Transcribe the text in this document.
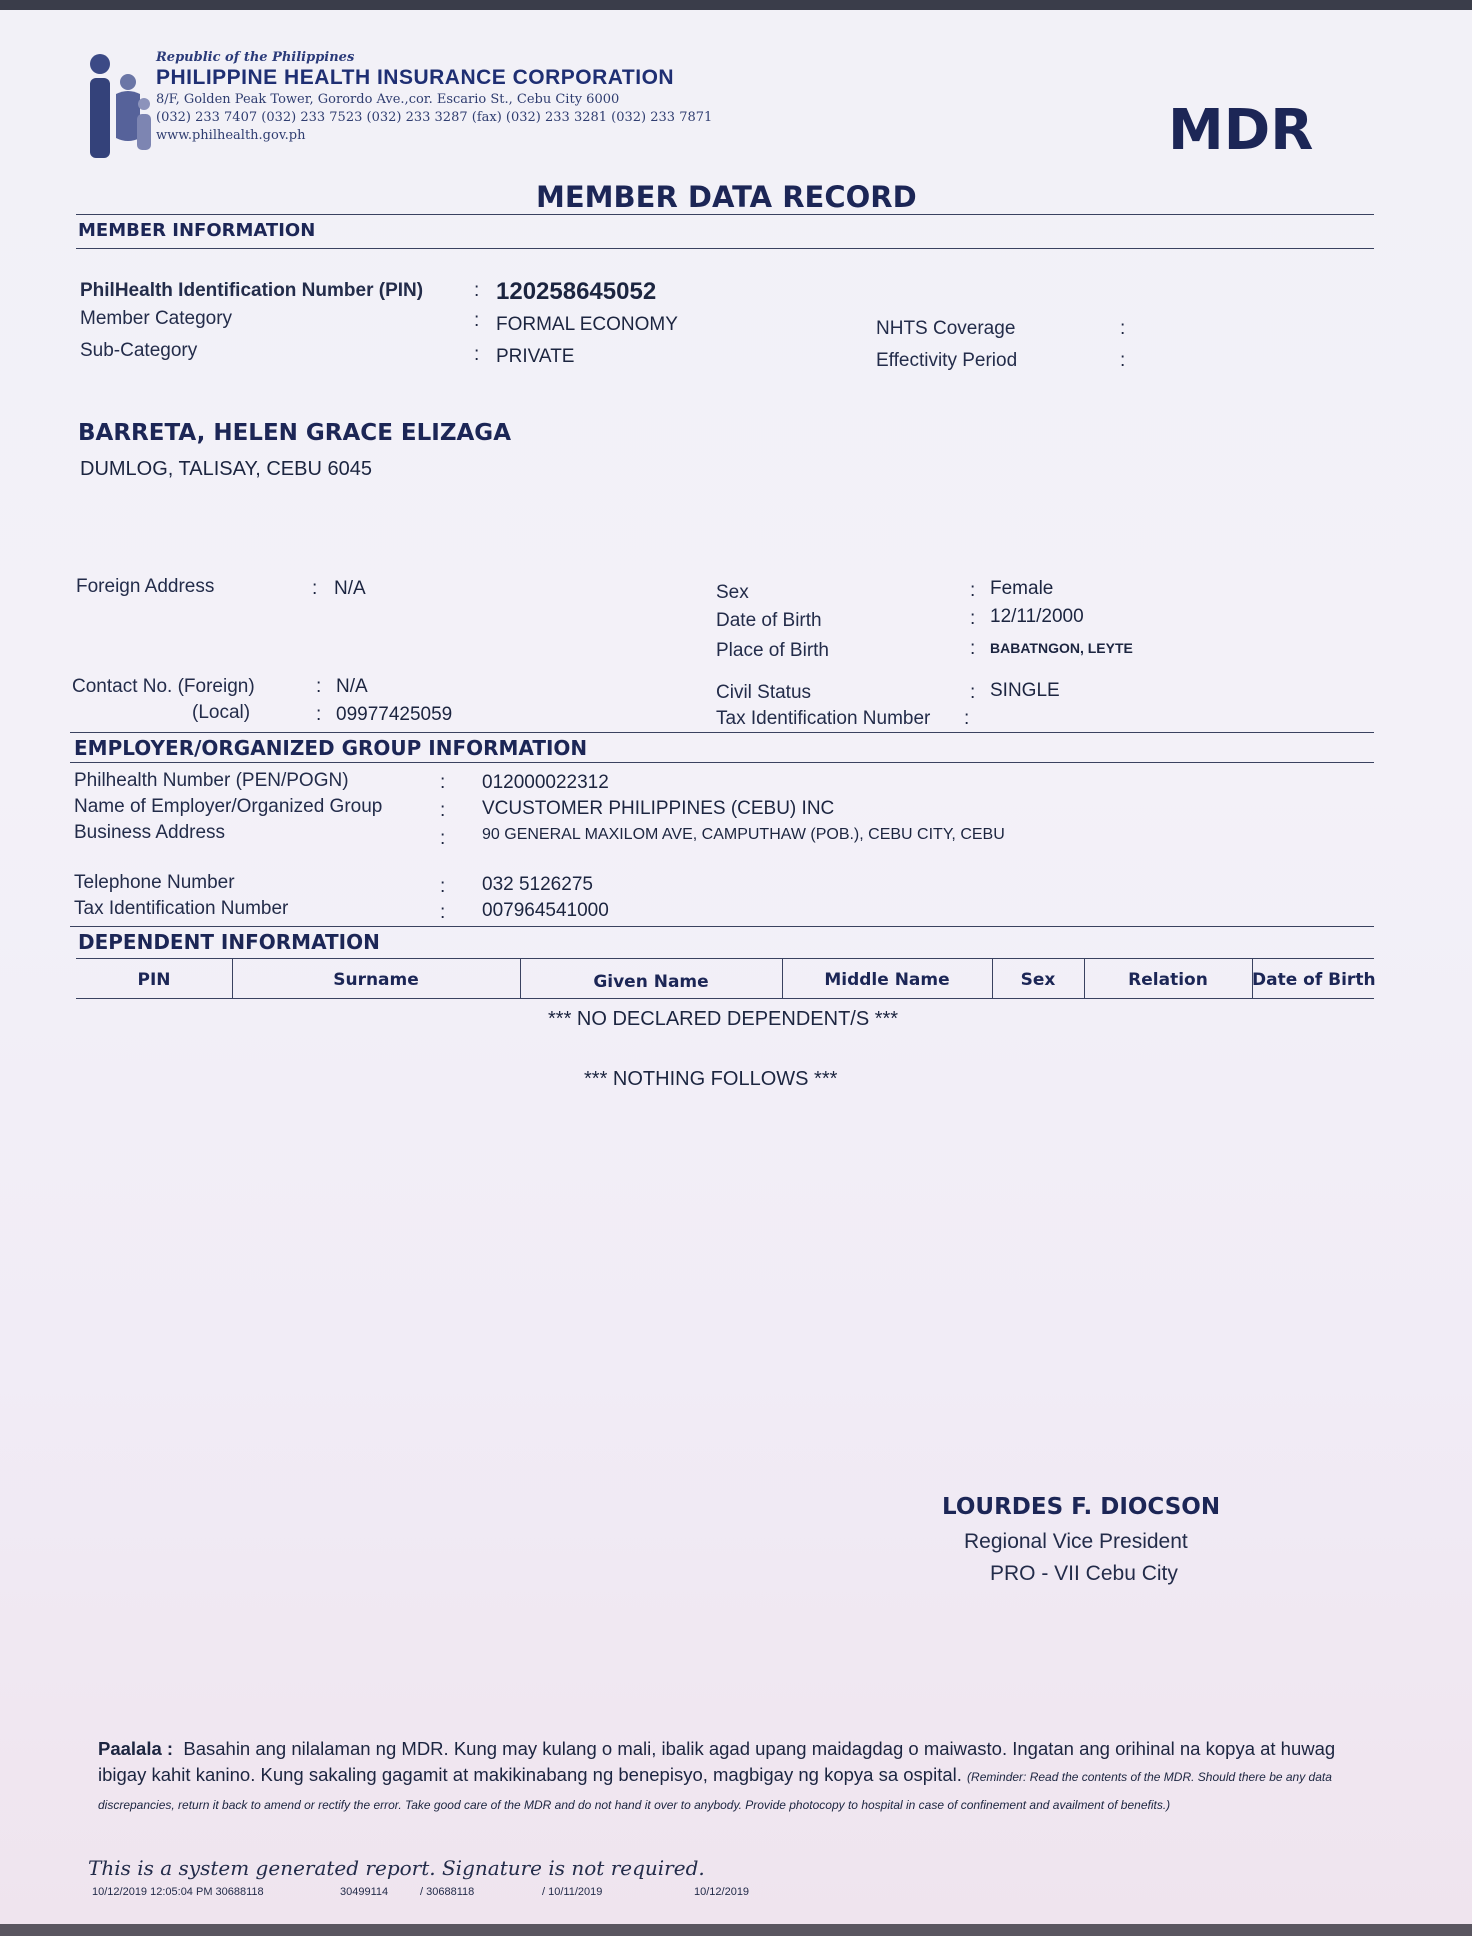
Republic of the Philippines
PHILIPPINE HEALTH INSURANCE CORPORATION
8/F, Golden Peak Tower, Gorordo Ave.,cor. Escario St., Cebu City 6000
(032) 233 7407 (032) 233 7523 (032) 233 3287 (fax) (032) 233 3281 (032) 233 7871
www.philhealth.gov.ph	MDR
MEMBER DATA RECORD
MEMBER INFORMATION
PhilHealth Identification Number (PIN)	: 120258645052
Member Category	: FORMAL ECONOMY
Sub-Category	: PRIVATE
NHTS Coverage	:
Effectivity Period	:
BARRETA, HELEN GRACE ELIZAGA
DUMLOG, TALISAY, CEBU 6045
Foreign Address	: N/A	Sex	: Female
Date of Birth	: 12/11/2000
Place of Birth	: BABATNGON, LEYTE
Contact No. (Foreign)	: N/A	Civil Status	: SINGLE
(Local)	: 09977425059	Tax Identification Number :
EMPLOYER/ORGANIZED GROUP INFORMATION
Philhealth Number (PEN/POGN)	: 012000022312
Name of Employer/Organized Group	: VCUSTOMER PHILIPPINES (CEBU) INC
Business Address	: 90 GENERAL MAXILOM AVE, CAMPUTHAW (POB.), CEBU CITY, CEBU
Telephone Number	: 032 5126275
Tax Identification Number	: 007964541000
DEPENDENT INFORMATION
PIN	Surname	Given Name	Middle Name	Sex	Relation	Date of Birth
*** NO DECLARED DEPENDENT/S ***
*** NOTHING FOLLOWS ***
LOURDES F. DIOCSON
Regional Vice President
PRO - VII Cebu City
Paalala : Basahin ang nilalaman ng MDR. Kung may kulang o mali, ibalik agad upang maidagdag o maiwasto. Ingatan ang orihinal na kopya at huwag ibigay kahit kanino. Kung sakaling gagamit at makikinabang ng benepisyo, magbigay ng kopya sa ospital. (Reminder: Read the contents of the MDR. Should there be any data discrepancies, return it back to amend or rectify the error. Take good care of the MDR and do not hand it over to anybody. Provide photocopy to hospital in case of confinement and availment of benefits.)
This is a system generated report. Signature is not required.
10/12/2019 12:05:04 PM 30688118	30499114	/ 30688118	/ 10/11/2019	10/12/2019
